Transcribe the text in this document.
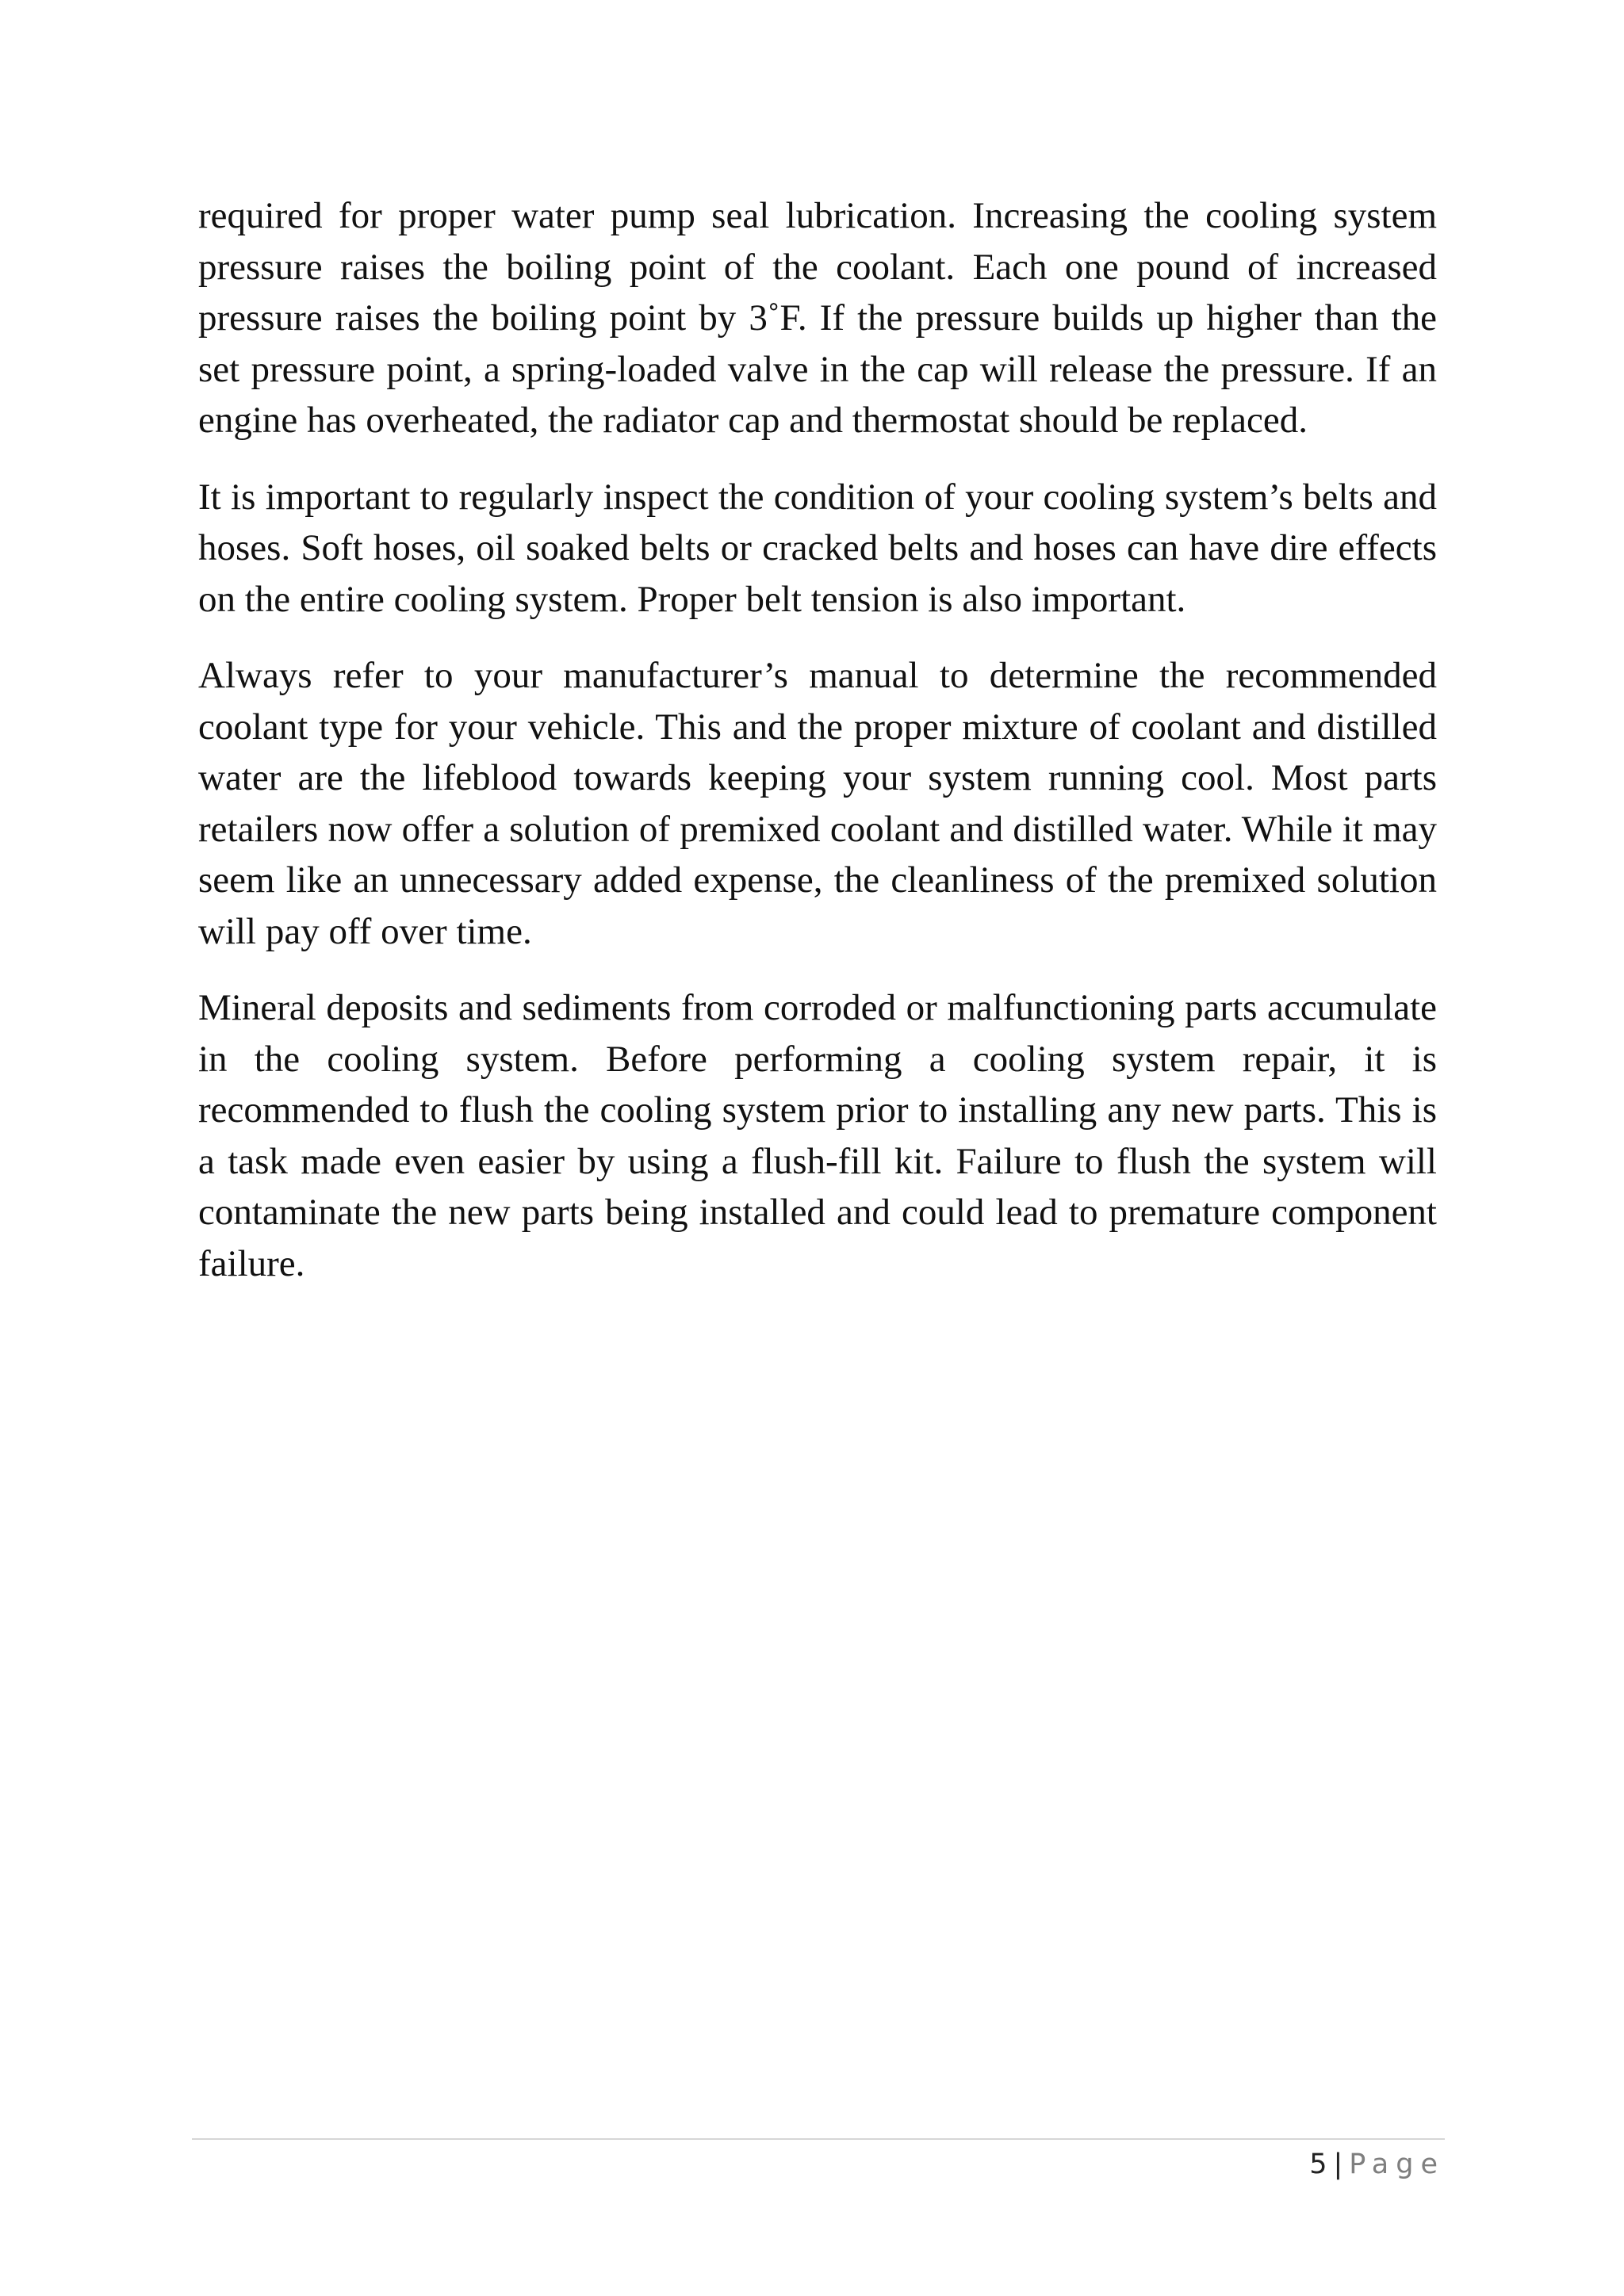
required for proper water pump seal lubrication. Increasing the cooling system pressure raises the boiling point of the coolant. Each one pound of increased pressure raises the boiling point by 3˚F. If the pressure builds up higher than the set pressure point, a spring-loaded valve in the cap will release the pressure. If an engine has overheated, the radiator cap and thermostat should be replaced.

It is important to regularly inspect the condition of your cooling system’s belts and hoses. Soft hoses, oil soaked belts or cracked belts and hoses can have dire effects on the entire cooling system. Proper belt tension is also important.

Always refer to your manufacturer’s manual to determine the recommended coolant type for your vehicle. This and the proper mixture of coolant and distilled water are the lifeblood towards keeping your system running cool. Most parts retailers now offer a solution of premixed coolant and distilled water. While it may seem like an unnecessary added expense, the cleanliness of the premixed solution will pay off over time.

Mineral deposits and sediments from corroded or malfunctioning parts accumulate in the cooling system. Before performing a cooling system repair, it is recommended to flush the cooling system prior to installing any new parts. This is a task made even easier by using a flush-fill kit. Failure to flush the system will contaminate the new parts being installed and could lead to premature component failure.

5 | Page
